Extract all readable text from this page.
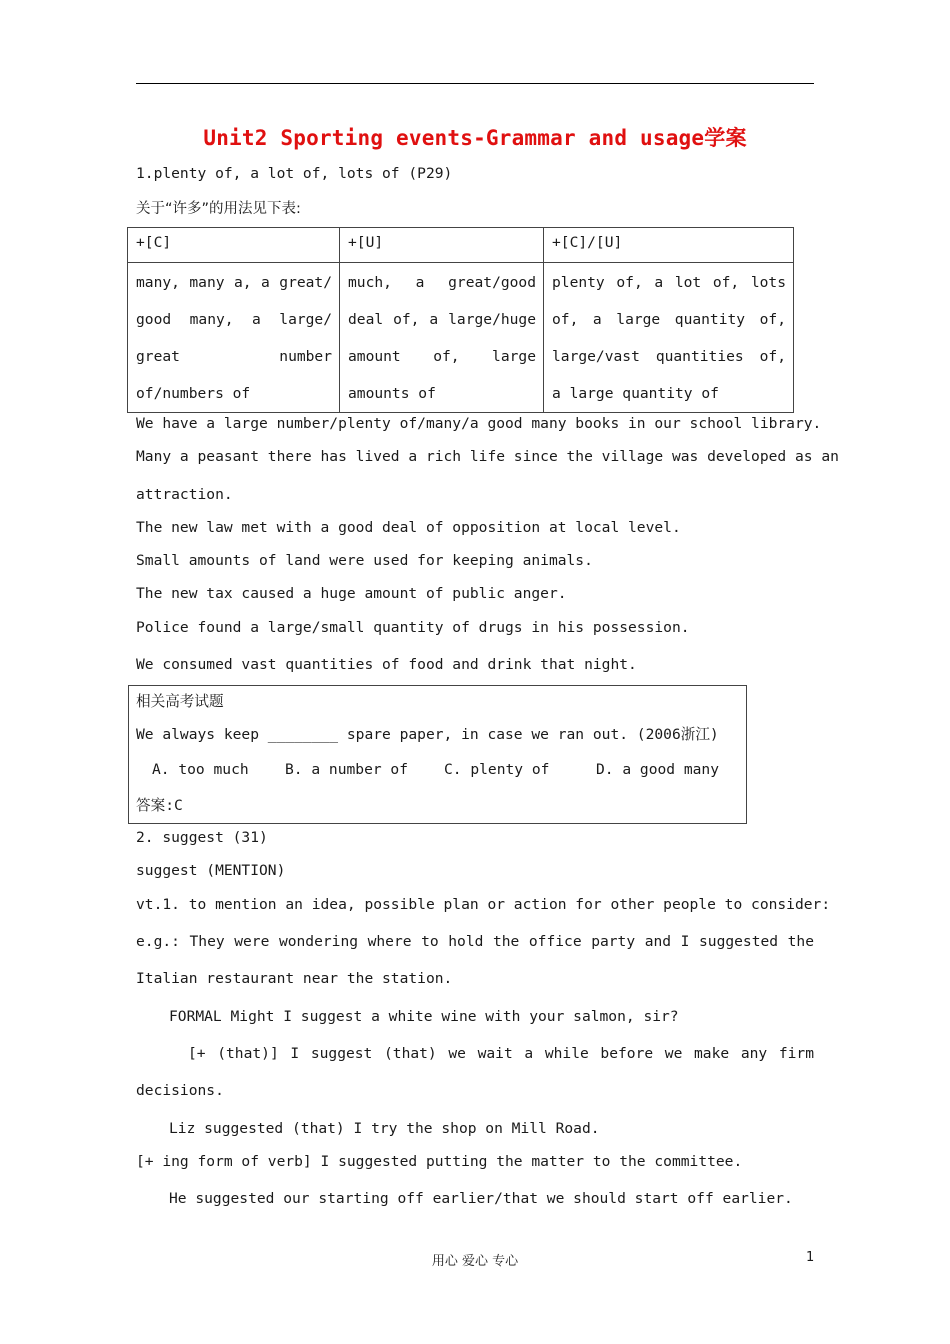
Unit2 Sporting events-Grammar and usage学案
1.plenty of, a lot of, lots of (P29)
关于“许多”的用法见下表:
+[C]	+[U]	+[C]/[U]
many, many a, a great/ good many, a large/ great number of/numbers of	much, a great/good deal of, a large/huge amount of, large amounts of	plenty of, a lot of, lots of, a large quantity of, large/vast quantities of, a large quantity of
We have a large number/plenty of/many/a good many books in our school library.
Many a peasant there has lived a rich life since the village was developed as an
attraction.
The new law met with a good deal of opposition at local level.
Small amounts of land were used for keeping animals.
The new tax caused a huge amount of public anger.
Police found a large/small quantity of drugs in his possession.
We consumed vast quantities of food and drink that night.
相关高考试题
We always keep ________ spare paper, in case we ran out. (2006浙江)
A. too much B. a number of C. plenty of	D. a good many
答案:C
2. suggest (31)
suggest (MENTION)
vt.1. to mention an idea, possible plan or action for other people to consider:
e.g.: They were wondering where to hold the office party and I suggested the
Italian restaurant near the station.
FORMAL Might I suggest a white wine with your salmon, sir?
[+ (that)] I suggest (that) we wait a while before we make any firm
decisions.
Liz suggested (that) I try the shop on Mill Road.
[+ ing form of verb] I suggested putting the matter to the committee.
He suggested our starting off earlier/that we should start off earlier.
用心 爱心 专心	1
